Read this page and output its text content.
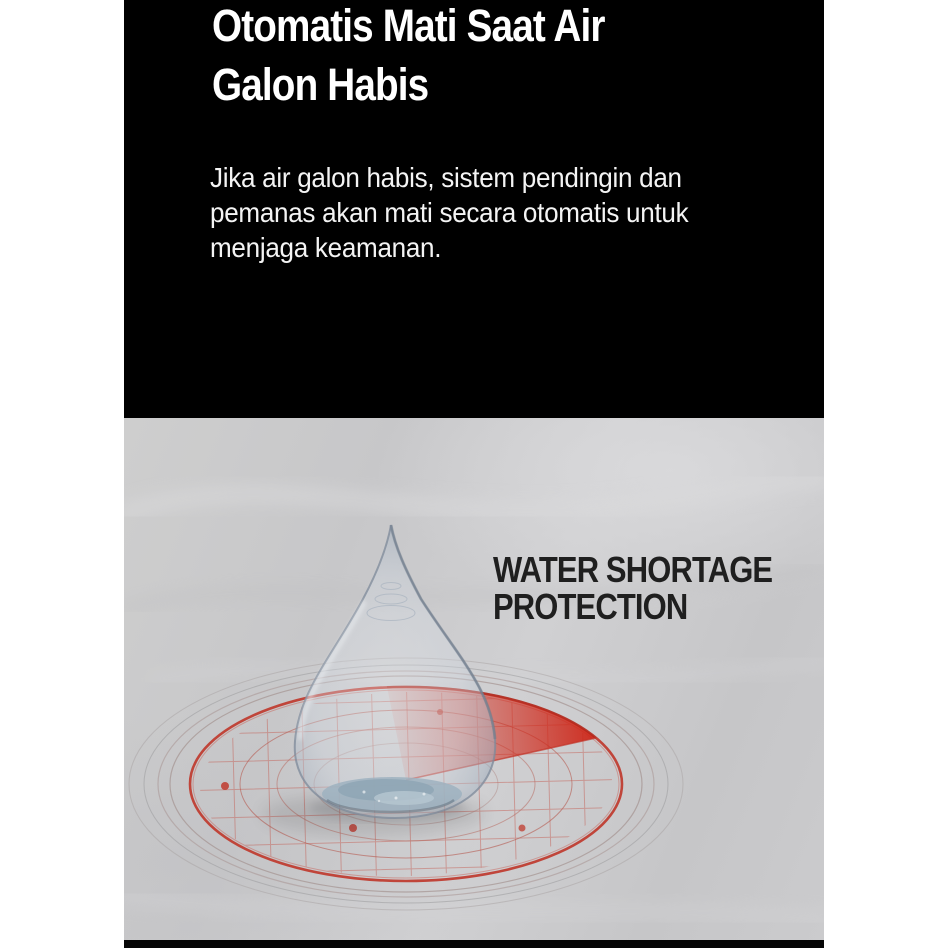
Otomatis Mati Saat Air
Galon Habis

Jika air galon habis, sistem pendingin dan
pemanas akan mati secara otomatis untuk
menjaga keamanan.

WATER SHORTAGE
PROTECTION
